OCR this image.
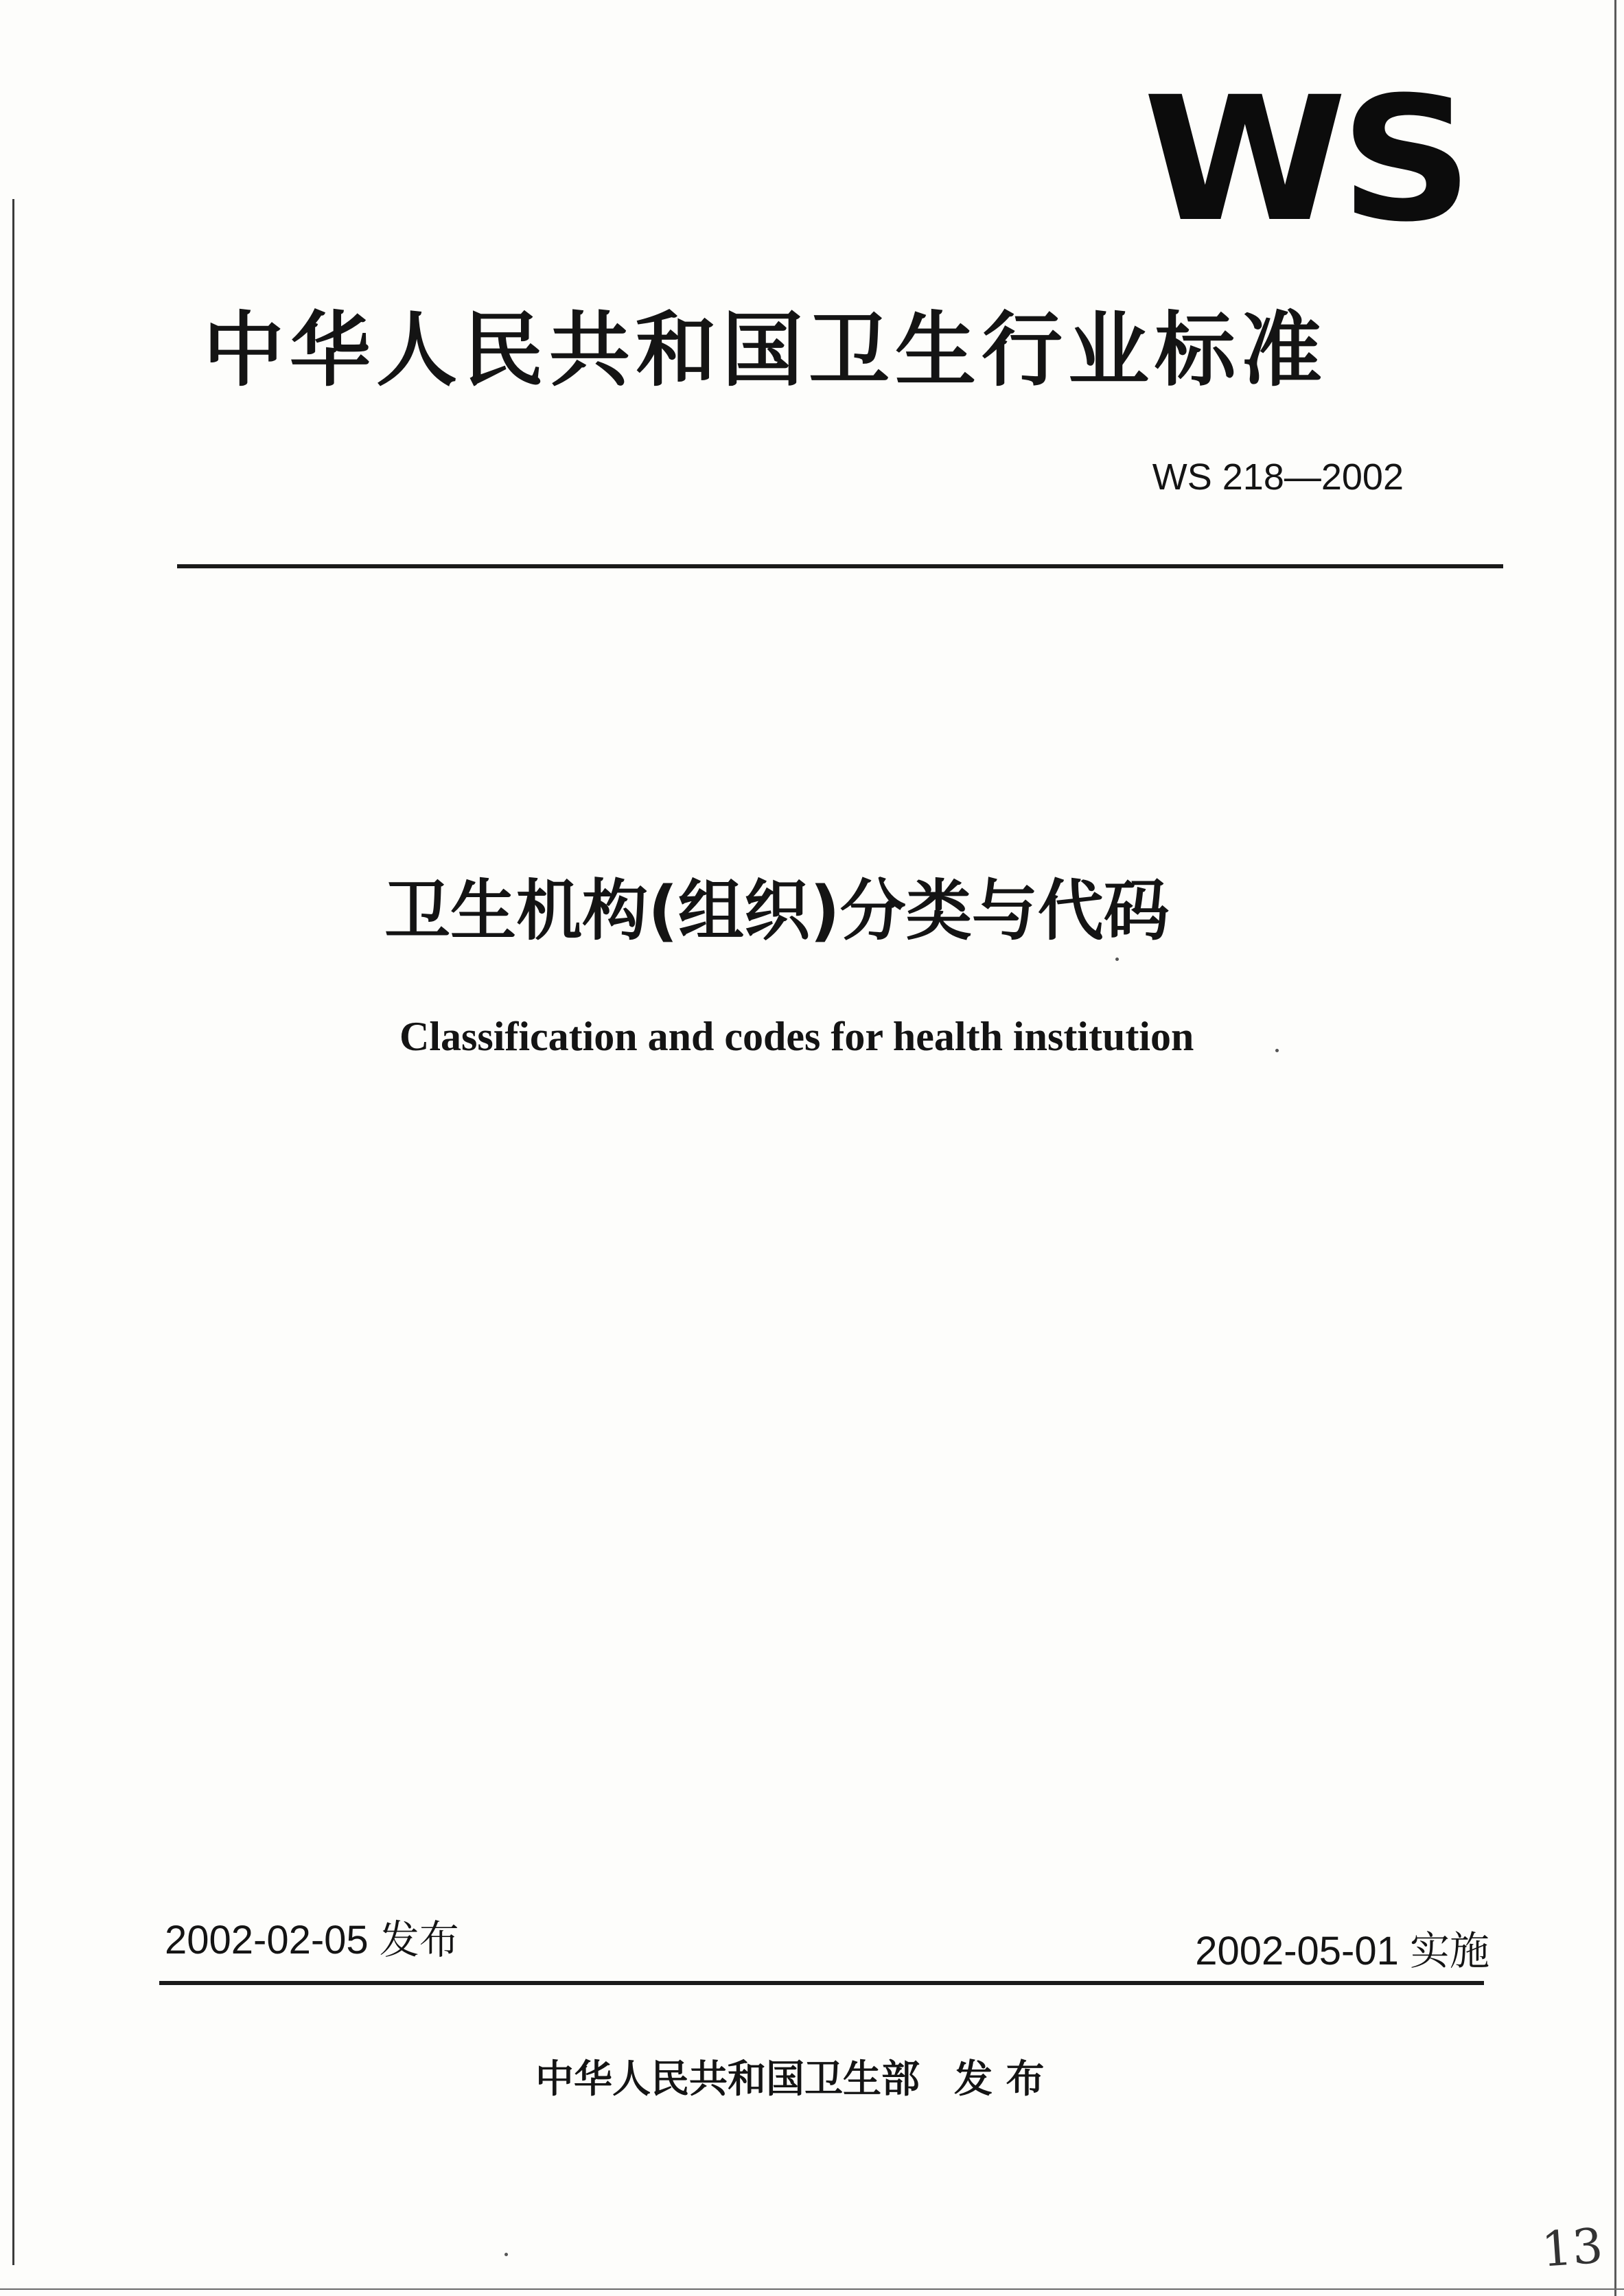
WS
中华人民共和国卫生行业标准
WS 218—2002
卫生机构(组织)分类与代码
Classification and codes for health institution
2002-02-05 发布	2002-05-01 实施
中华人民共和国卫生部 发 布
13
